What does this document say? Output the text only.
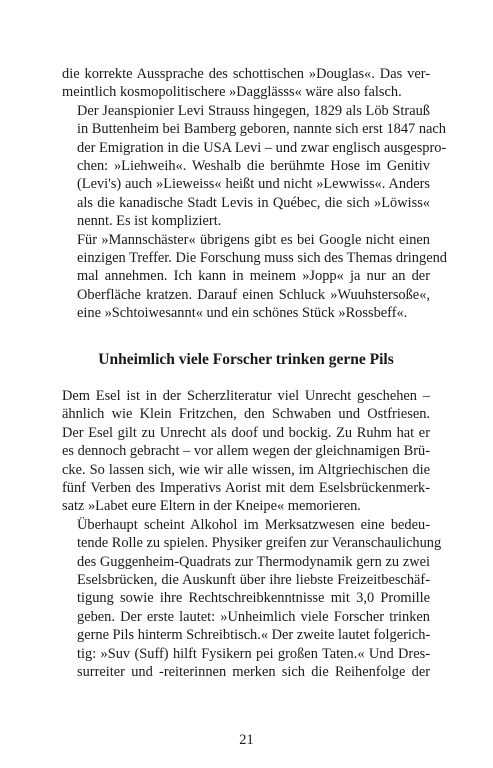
die korrekte Aussprache des schottischen »Douglas«. Das ver-
meintlich kosmopolitischere »Dagglässs« wäre also falsch.

Der Jeanspionier Levi Strauss hingegen, 1829 als Löb Strauß
in Buttenheim bei Bamberg geboren, nannte sich erst 1847 nach
der Emigration in die USA Levi – und zwar englisch ausgespro-
chen: »Liehweih«. Weshalb die berühmte Hose im Genitiv
(Levi's) auch »Lieweiss« heißt und nicht »Lewwiss«. Anders
als die kanadische Stadt Levis in Québec, die sich »Löwiss«
nennt. Es ist kompliziert.

Für »Mannschäster« übrigens gibt es bei Google nicht einen
einzigen Treffer. Die Forschung muss sich des Themas dringend
mal annehmen. Ich kann in meinem »Jopp« ja nur an der
Oberfläche kratzen. Darauf einen Schluck »Wuuhstersoße«,
eine »Schtoiwesannt« und ein schönes Stück »Rossbeff«.

Unheimlich viele Forscher trinken gerne Pils

Dem Esel ist in der Scherzliteratur viel Unrecht geschehen –
ähnlich wie Klein Fritzchen, den Schwaben und Ostfriesen.
Der Esel gilt zu Unrecht als doof und bockig. Zu Ruhm hat er
es dennoch gebracht – vor allem wegen der gleichnamigen Brü-
cke. So lassen sich, wie wir alle wissen, im Altgriechischen die
fünf Verben des Imperativs Aorist mit dem Eselsbrückenmerk-
satz »Labet eure Eltern in der Kneipe« memorieren.

Überhaupt scheint Alkohol im Merksatzwesen eine bedeu-
tende Rolle zu spielen. Physiker greifen zur Veranschaulichung
des Guggenheim-Quadrats zur Thermodynamik gern zu zwei
Eselsbrücken, die Auskunft über ihre liebste Freizeitbeschäf-
tigung sowie ihre Rechtschreibkenntnisse mit 3,0 Promille
geben. Der erste lautet: »Unheimlich viele Forscher trinken
gerne Pils hinterm Schreibtisch.« Der zweite lautet folgerich-
tig: »Suv (Suff) hilft Fysikern pei großen Taten.« Und Dres-
surreiter und -reiterinnen merken sich die Reihenfolge der

21
